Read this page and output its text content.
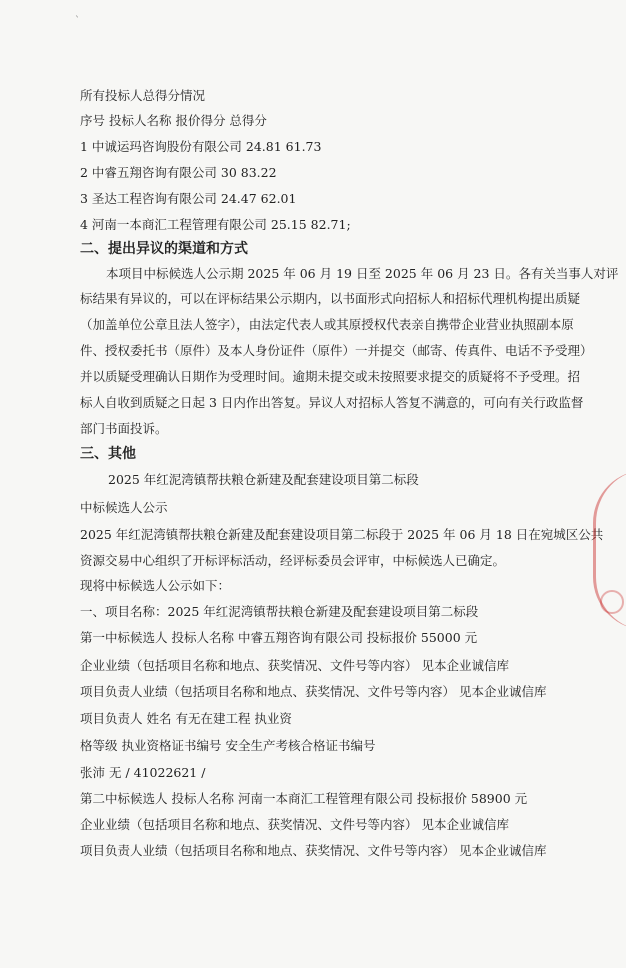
`
所有投标人总得分情况
序号 投标人名称 报价得分 总得分
1 中诚运玛咨询股份有限公司 24.81 61.73
2 中睿五翔咨询有限公司 30 83.22
3 圣达工程咨询有限公司 24.47 62.01
4 河南一本商汇工程管理有限公司 25.15 82.71;
二、提出异议的渠道和方式
本项目中标候选人公示期 2025 年 06 月 19 日至 2025 年 06 月 23 日。各有关当事人对评
标结果有异议的，可以在评标结果公示期内，以书面形式向招标人和招标代理机构提出质疑
（加盖单位公章且法人签字），由法定代表人或其原授权代表亲自携带企业营业执照副本原
件、授权委托书（原件）及本人身份证件（原件）一并提交（邮寄、传真件、电话不予受理）
并以质疑受理确认日期作为受理时间。逾期未提交或未按照要求提交的质疑将不予受理。招
标人自收到质疑之日起 3 日内作出答复。异议人对招标人答复不满意的，可向有关行政监督
部门书面投诉。
三、其他
2025 年红泥湾镇帮扶粮仓新建及配套建设项目第二标段
中标候选人公示
2025 年红泥湾镇帮扶粮仓新建及配套建设项目第二标段于 2025 年 06 月 18 日在宛城区公共
资源交易中心组织了开标评标活动，经评标委员会评审，中标候选人已确定。
现将中标候选人公示如下：
一、项目名称：2025 年红泥湾镇帮扶粮仓新建及配套建设项目第二标段
第一中标候选人 投标人名称 中睿五翔咨询有限公司 投标报价 55000 元
企业业绩（包括项目名称和地点、获奖情况、文件号等内容） 见本企业诚信库
项目负责人业绩（包括项目名称和地点、获奖情况、文件号等内容） 见本企业诚信库
项目负责人 姓名 有无在建工程 执业资
格等级 执业资格证书编号 安全生产考核合格证书编号
张沛 无 / 41022621 /
第二中标候选人 投标人名称 河南一本商汇工程管理有限公司 投标报价 58900 元
企业业绩（包括项目名称和地点、获奖情况、文件号等内容） 见本企业诚信库
项目负责人业绩（包括项目名称和地点、获奖情况、文件号等内容） 见本企业诚信库
